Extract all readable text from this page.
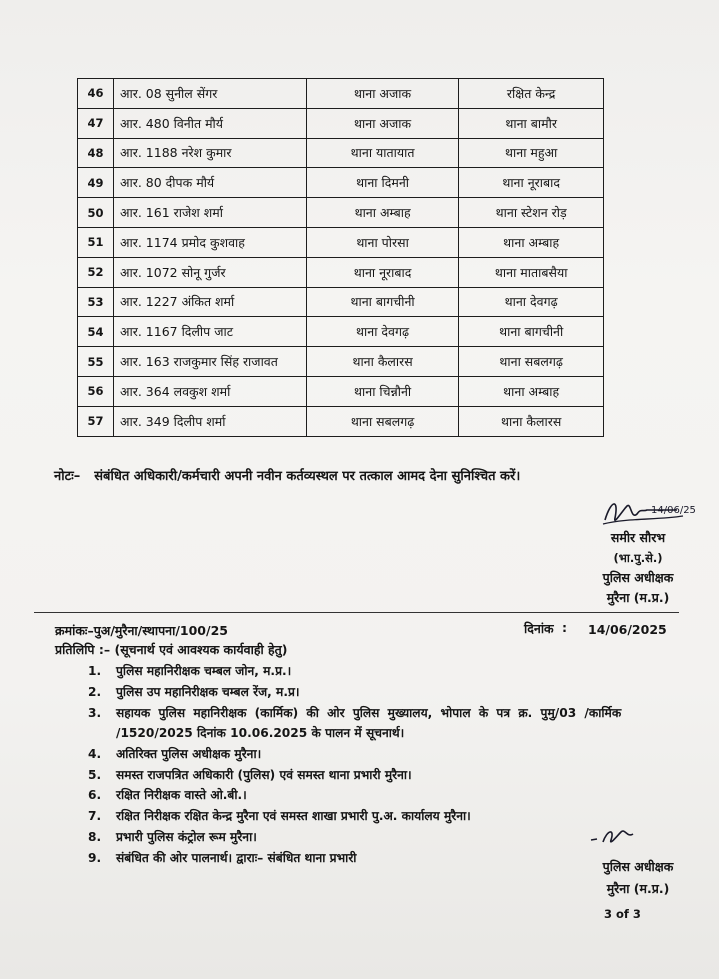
46	आर. 08 सुनील सेंगर	थाना अजाक	रक्षित केन्द्र
47	आर. 480 विनीत मौर्य	थाना अजाक	थाना बामौर
48	आर. 1188 नरेश कुमार	थाना यातायात	थाना महुआ
49	आर. 80 दीपक मौर्य	थाना दिमनी	थाना नूराबाद
50	आर. 161 राजेश शर्मा	थाना अम्बाह	थाना स्टेशन रोड़
51	आर. 1174 प्रमोद कुशवाह	थाना पोरसा	थाना अम्बाह
52	आर. 1072 सोनू गुर्जर	थाना नूराबाद	थाना माताबसैया
53	आर. 1227 अंकित शर्मा	थाना बागचीनी	थाना देवगढ़
54	आर. 1167 दिलीप जाट	थाना देवगढ़	थाना बागचीनी
55	आर. 163 राजकुमार सिंह राजावत	थाना कैलारस	थाना सबलगढ़
56	आर. 364 लवकुश शर्मा	थाना चिन्नौनी	थाना अम्बाह
57	आर. 349 दिलीप शर्मा	थाना सबलगढ़	थाना कैलारस
नोटः– संबंधित अधिकारी/कर्मचारी अपनी नवीन कर्तव्यस्थल पर तत्काल आमद देना सुनिश्चित करें।
14/06/25
समीर सौरभ
(भा.पु.से.)
पुलिस अधीक्षक
मुरैना (म.प्र.)
क्रमांकः–पुअ/मुरैना/स्थापना/100/25	दिनांक : 14/06/2025
प्रतिलिपि :– (सूचनार्थ एवं आवश्यक कार्यवाही हेतु)
1. पुलिस महानिरीक्षक चम्बल जोन, म.प्र.।
2. पुलिस उप महानिरीक्षक चम्बल रेंज, म.प्र।
3. सहायक पुलिस महानिरीक्षक (कार्मिक) की ओर पुलिस मुख्यालय, भोपाल के पत्र क्र. पुमु/03 /कार्मिक
/1520/2025 दिनांक 10.06.2025 के पालन में सूचनार्थ।
4. अतिरिक्त पुलिस अधीक्षक मुरैना।
5. समस्त राजपत्रित अधिकारी (पुलिस) एवं समस्त थाना प्रभारी मुरैना।
6. रक्षित निरीक्षक वास्ते ओ.बी.।
7. रक्षित निरीक्षक रक्षित केन्द्र मुरैना एवं समस्त शाखा प्रभारी पु.अ. कार्यालय मुरैना।
8. प्रभारी पुलिस कंट्रोल रूम मुरैना।
9. संबंधित की ओर पालनार्थ। द्वाराः– संबंधित थाना प्रभारी
पुलिस अधीक्षक
मुरैना (म.प्र.)
3 of 3
